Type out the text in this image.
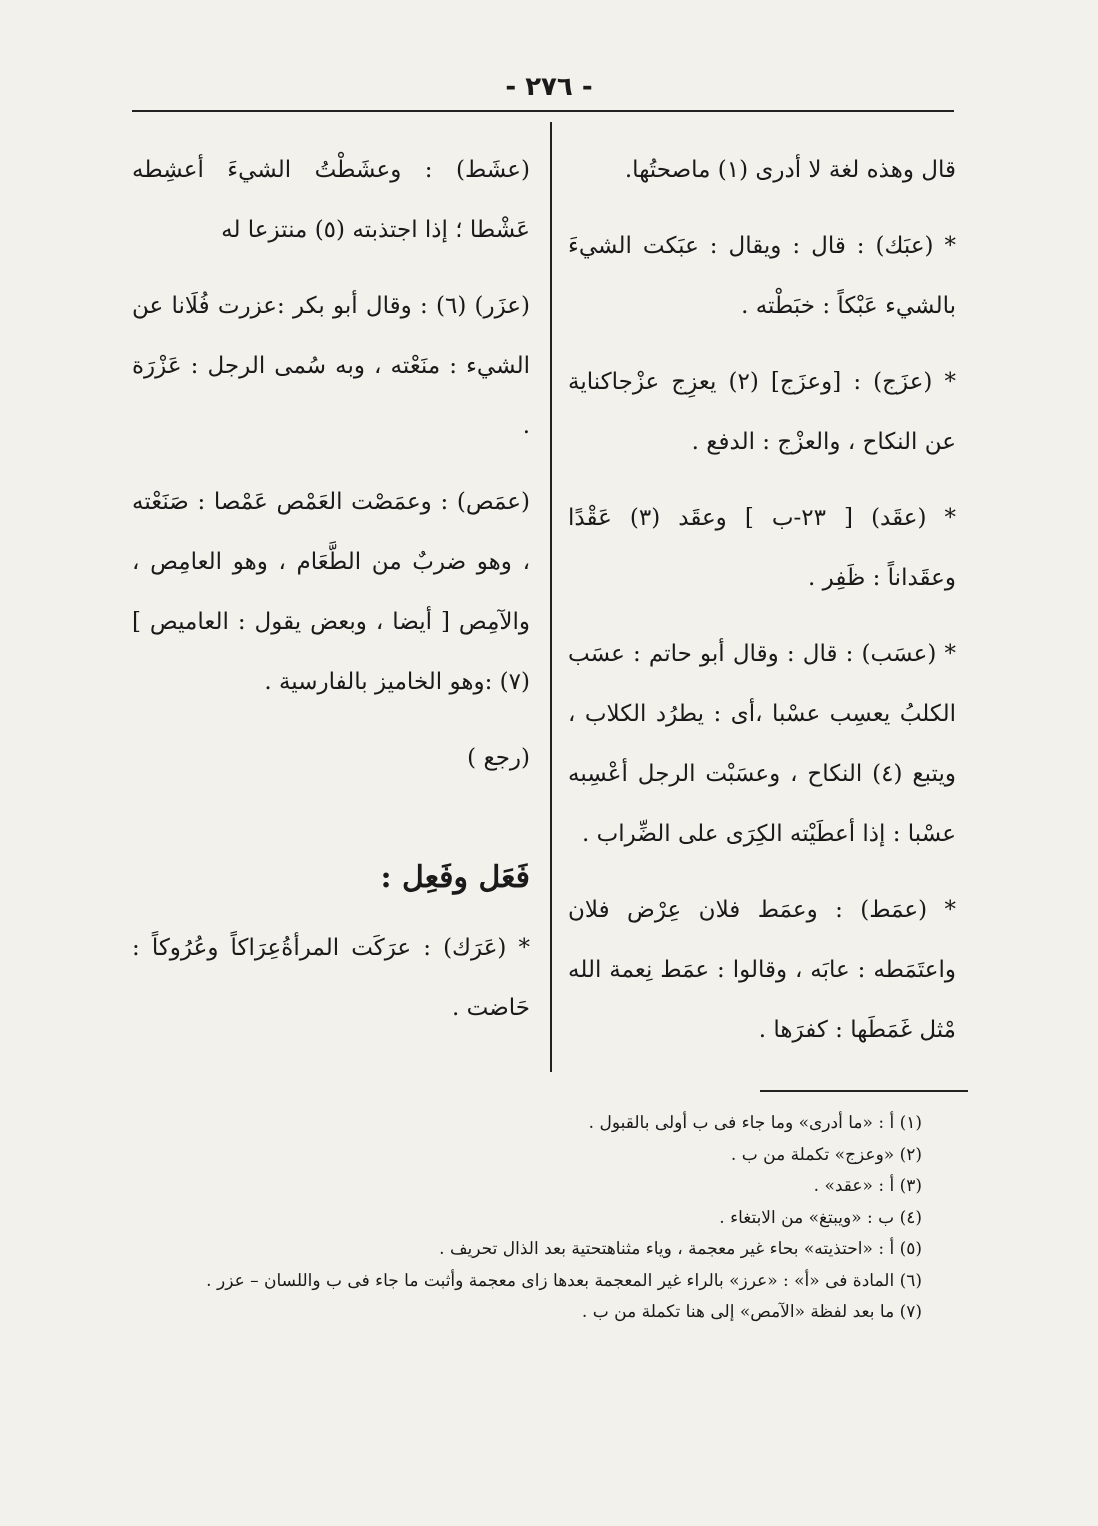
- ٢٧٦ -

قال وهذه لغة لا أدرى (١) ماصحتُها.

* (عبَك) : قال : ويقال : عبَكت الشيءَ بالشيء عَبْكاً : خبَطْته .

* (عزَج) : [وعزَج] (٢) يعزِج عزْجاكناية عن النكاح ، والعزْج : الدفع .

* (عقَد) [ ٢٣-ب ] وعقَد (٣) عَقْدًا وعقَداناً : ظَفِر .

* (عسَب) : قال : وقال أبو حاتم : عسَب الكلبُ يعسِب عسْبا ،أى : يطرُد الكلاب ، ويتبع (٤) النكاح ، وعسَبْت الرجل أعْسِبه عسْبا : إذا أعطَيْته الكِرَى على الضِّراب .

* (عمَط) : وعمَط فلان عِرْض فلان واعتَمَطه : عابَه ، وقالوا : عمَط نِعمة الله مْثل غَمَطَها : كفرَها .

(عشَط) : وعشَطْتُ الشيءَ أعشِطه عَشْطا ؛ إذا اجتذبته (٥) منتزعا له

(عزَر) (٦) : وقال أبو بكر :عزرت فُلَانا عن الشيء : منَعْته ، وبه سُمى الرجل : عَزْرَة .

(عمَص) : وعمَصْت العَمْص عَمْصا : صَنَعْته ، وهو ضربٌ من الطَّعَام ، وهو العامِص ، والآمِص [ أيضا ، وبعض يقول : العاميص ] (٧) :وهو الخاميز بالفارسية .

(رجع )

فَعَل وفَعِل :

* (عَرَك) : عرَكَت المرأةُعِرَاكاً وعُرُوكاً : حَاضت .

(١) أ : «ما أدرى» وما جاء فى ب أولى بالقبول .
(٢) «وعزج» تكملة من ب .
(٣) أ : «عقد» .
(٤) ب : «ويبتغ» من الابتغاء .
(٥) أ : «احتذيته» بحاء غير معجمة ، وياء مثناهتحتية بعد الذال تحريف .
(٦) المادة فى «أ» : «عرز» بالراء غير المعجمة بعدها زاى معجمة وأثبت ما جاء فى ب واللسان – عزر .
(٧) ما بعد لفظة «الآمص» إلى هنا تكملة من ب .
